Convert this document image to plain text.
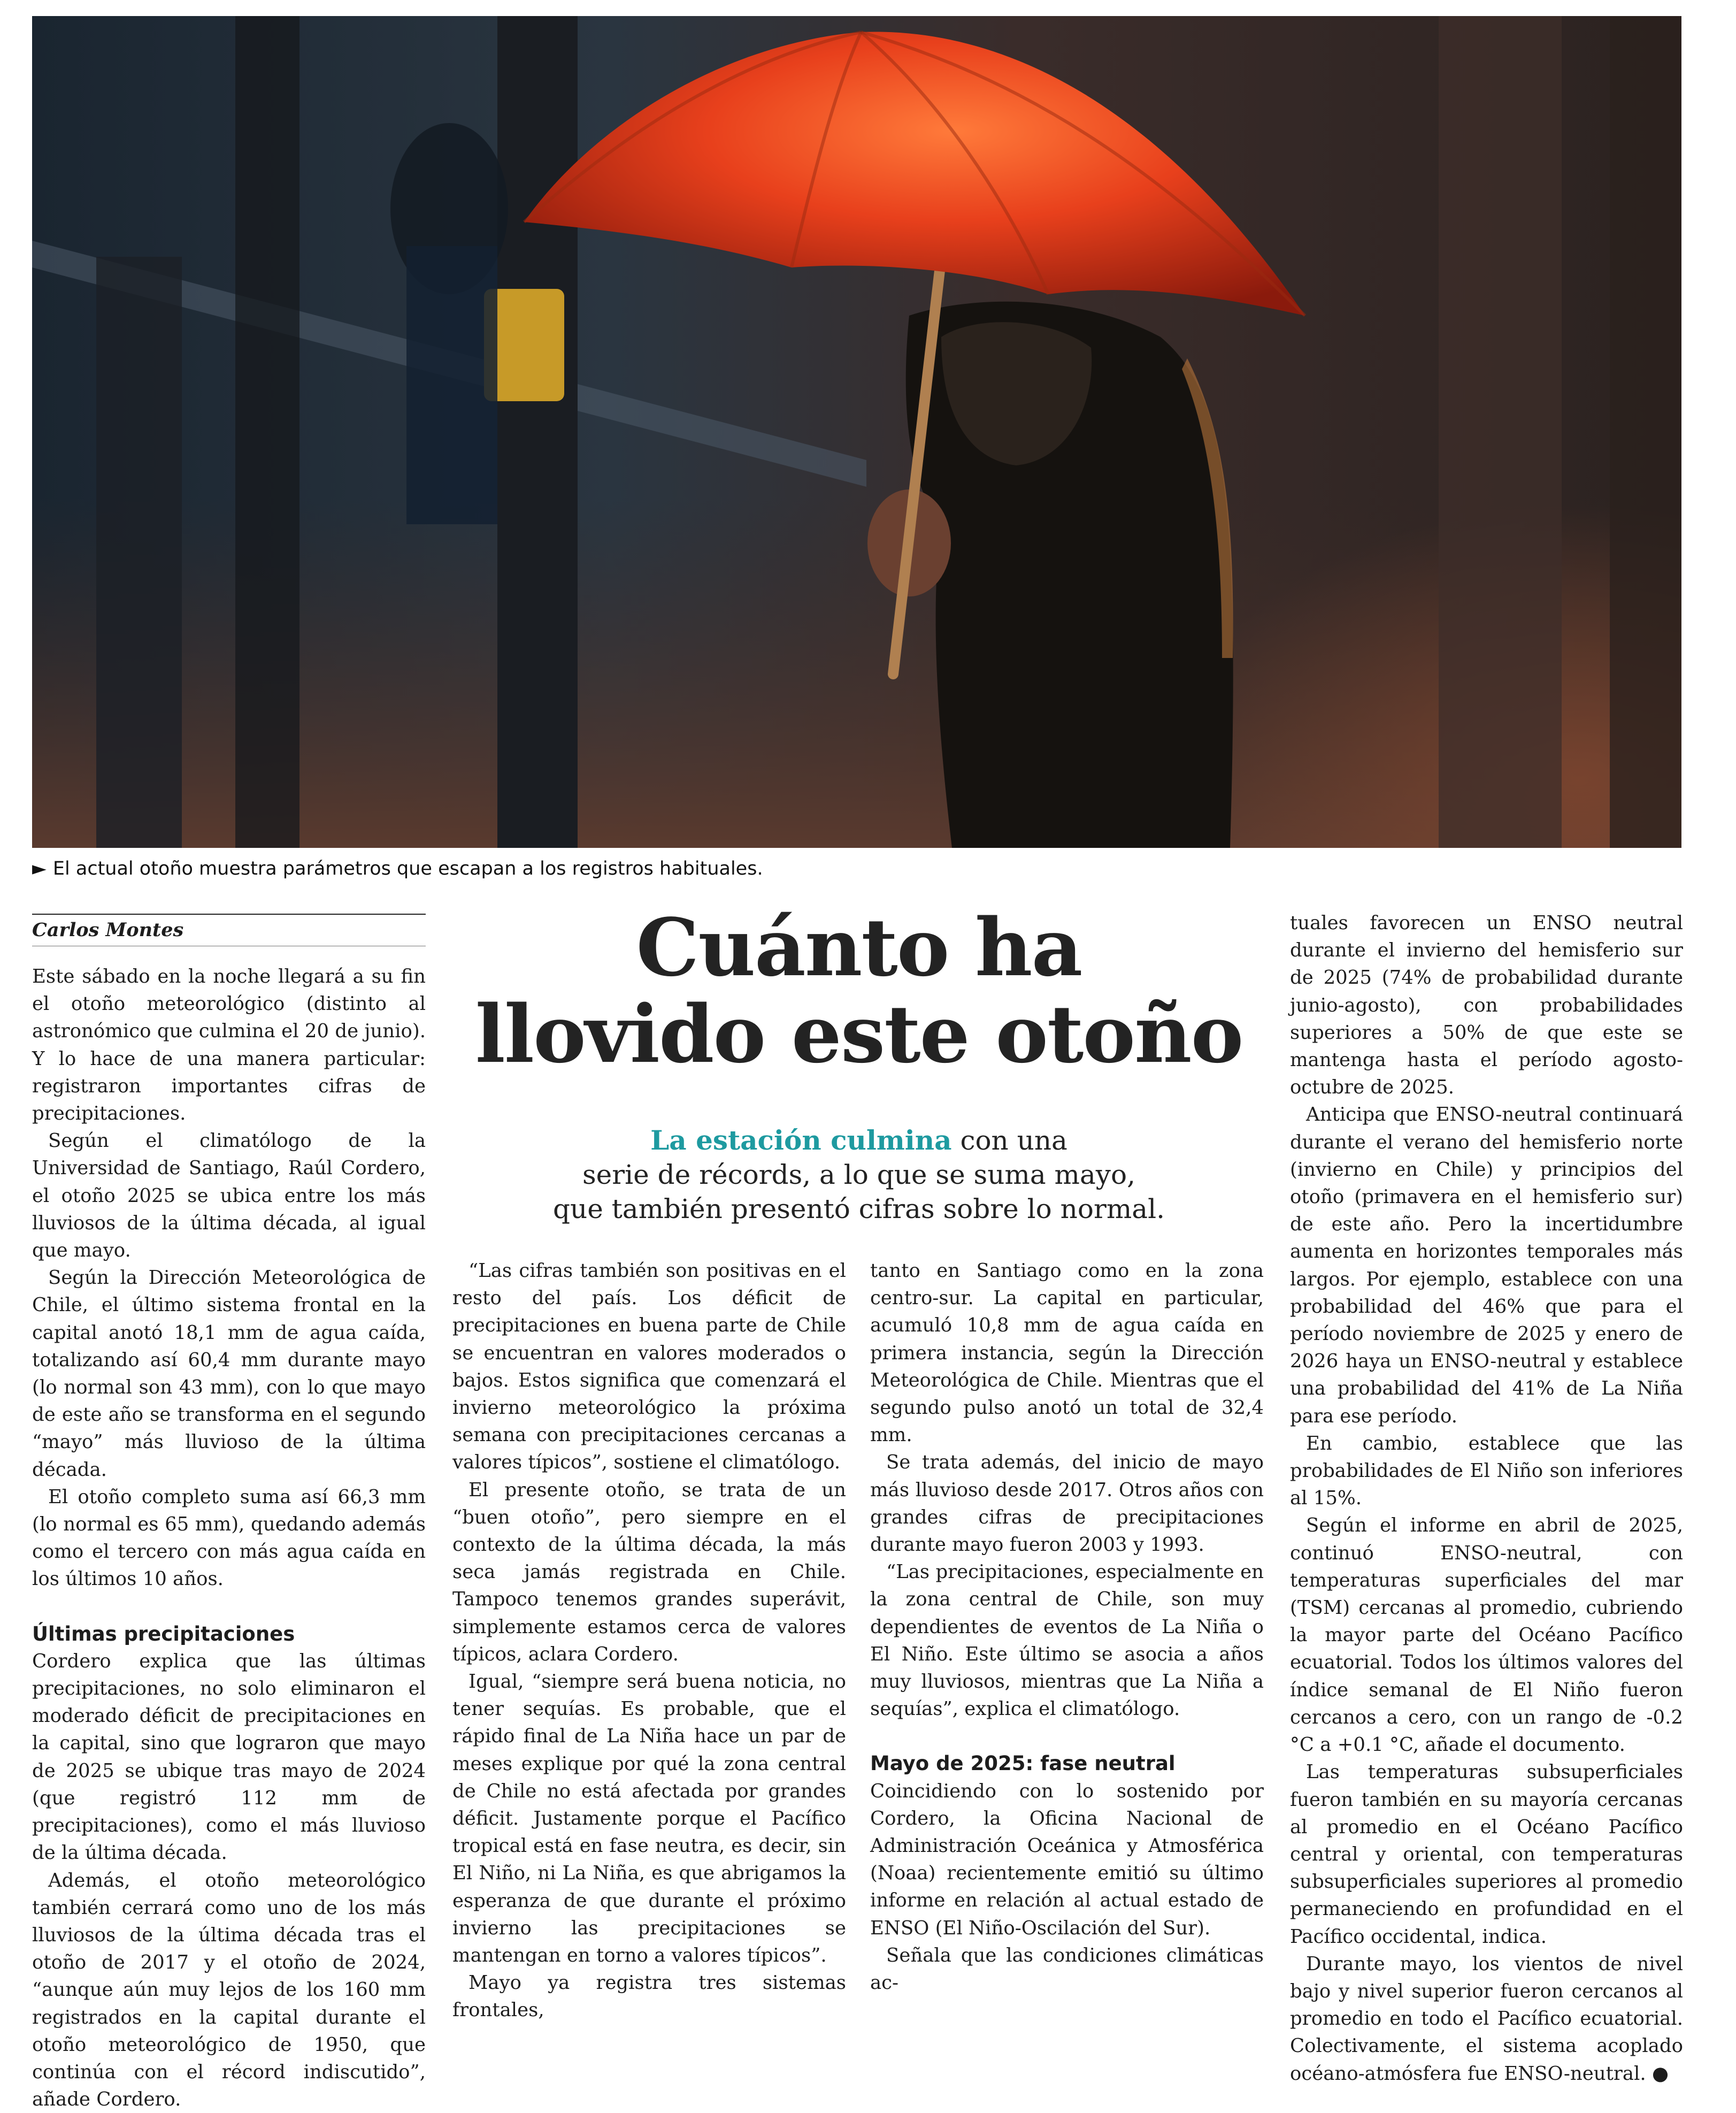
► El actual otoño muestra parámetros que escapan a los registros habituales.
Carlos Montes	Cuánto ha
llovido este otoño
La estación culmina con una
serie de récords, a lo que se suma mayo,
que también presentó cifras sobre lo normal.

Este sábado en la noche llegará a su fin el otoño meteorológico (distinto al astronómico que culmina el 20 de junio). Y lo hace de una manera particular: registraron importantes cifras de precipitaciones.

Según el climatólogo de la Universidad de Santiago, Raúl Cordero, el otoño 2025 se ubica entre los más lluviosos de la última década, al igual que mayo.

Según la Dirección Meteorológica de Chile, el último sistema frontal en la capital anotó 18,1 mm de agua caída, totalizando así 60,4 mm durante mayo (lo normal son 43 mm), con lo que mayo de este año se transforma en el segundo “mayo” más lluvioso de la última década.

El otoño completo suma así 66,3 mm (lo normal es 65 mm), quedando además como el tercero con más agua caída en los últimos 10 años.

Últimas precipitaciones

Cordero explica que las últimas precipitaciones, no solo eliminaron el moderado déficit de precipitaciones en la capital, sino que lograron que mayo de 2025 se ubique tras mayo de 2024 (que registró 112 mm de precipitaciones), como el más lluvioso de la última década.

Además, el otoño meteorológico también cerrará como uno de los más lluviosos de la última década tras el otoño de 2017 y el otoño de 2024, “aunque aún muy lejos de los 160 mm registrados en la capital durante el otoño meteorológico de 1950, que continúa con el récord indiscutido”, añade Cordero.

“Las cifras también son positivas en el resto del país. Los déficit de precipitaciones en buena parte de Chile se encuentran en valores moderados o bajos. Estos significa que comenzará el invierno meteorológico la próxima semana con precipitaciones cercanas a valores típicos”, sostiene el climatólogo.

El presente otoño, se trata de un “buen otoño”, pero siempre en el contexto de la última década, la más seca jamás registrada en Chile. Tampoco tenemos grandes superávit, simplemente estamos cerca de valores típicos, aclara Cordero.

Igual, “siempre será buena noticia, no tener sequías. Es probable, que el rápido final de La Niña hace un par de meses explique por qué la zona central de Chile no está afectada por grandes déficit. Justamente porque el Pacífico tropical está en fase neutra, es decir, sin El Niño, ni La Niña, es que abrigamos la esperanza de que durante el próximo invierno las precipitaciones se mantengan en torno a valores típicos”.

Mayo ya registra tres sistemas frontales,

tanto en Santiago como en la zona centro-sur. La capital en particular, acumuló 10,8 mm de agua caída en primera instancia, según la Dirección Meteorológica de Chile. Mientras que el segundo pulso anotó un total de 32,4 mm.

Se trata además, del inicio de mayo más lluvioso desde 2017. Otros años con grandes cifras de precipitaciones durante mayo fueron 2003 y 1993.

“Las precipitaciones, especialmente en la zona central de Chile, son muy dependientes de eventos de La Niña o El Niño. Este último se asocia a años muy lluviosos, mientras que La Niña a sequías”, explica el climatólogo.

Mayo de 2025: fase neutral

Coincidiendo con lo sostenido por Cordero, la Oficina Nacional de Administración Oceánica y Atmosférica (Noaa) recientemente emitió su último informe en relación al actual estado de ENSO (El Niño-Oscilación del Sur).

Señala que las condiciones climáticas ac-

tuales favorecen un ENSO neutral durante el invierno del hemisferio sur de 2025 (74% de probabilidad durante junio-agosto), con probabilidades superiores a 50% de que este se mantenga hasta el período agosto-octubre de 2025.

Anticipa que ENSO-neutral continuará durante el verano del hemisferio norte (invierno en Chile) y principios del otoño (primavera en el hemisferio sur) de este año. Pero la incertidumbre aumenta en horizontes temporales más largos. Por ejemplo, establece con una probabilidad del 46% que para el período noviembre de 2025 y enero de 2026 haya un ENSO-neutral y establece una probabilidad del 41% de La Niña para ese período.

En cambio, establece que las probabilidades de El Niño son inferiores al 15%.

Según el informe en abril de 2025, continuó ENSO-neutral, con temperaturas superficiales del mar (TSM) cercanas al promedio, cubriendo la mayor parte del Océano Pacífico ecuatorial. Todos los últimos valores del índice semanal de El Niño fueron cercanos a cero, con un rango de -0.2 °C a +0.1 °C, añade el documento.

Las temperaturas subsuperficiales fueron también en su mayoría cercanas al promedio en el Océano Pacífico central y oriental, con temperaturas subsuperficiales superiores al promedio permaneciendo en profundidad en el Pacífico occidental, indica.

Durante mayo, los vientos de nivel bajo y nivel superior fueron cercanos al promedio en todo el Pacífico ecuatorial. Colectivamente, el sistema acoplado océano-atmósfera fue ENSO-neutral. ●
